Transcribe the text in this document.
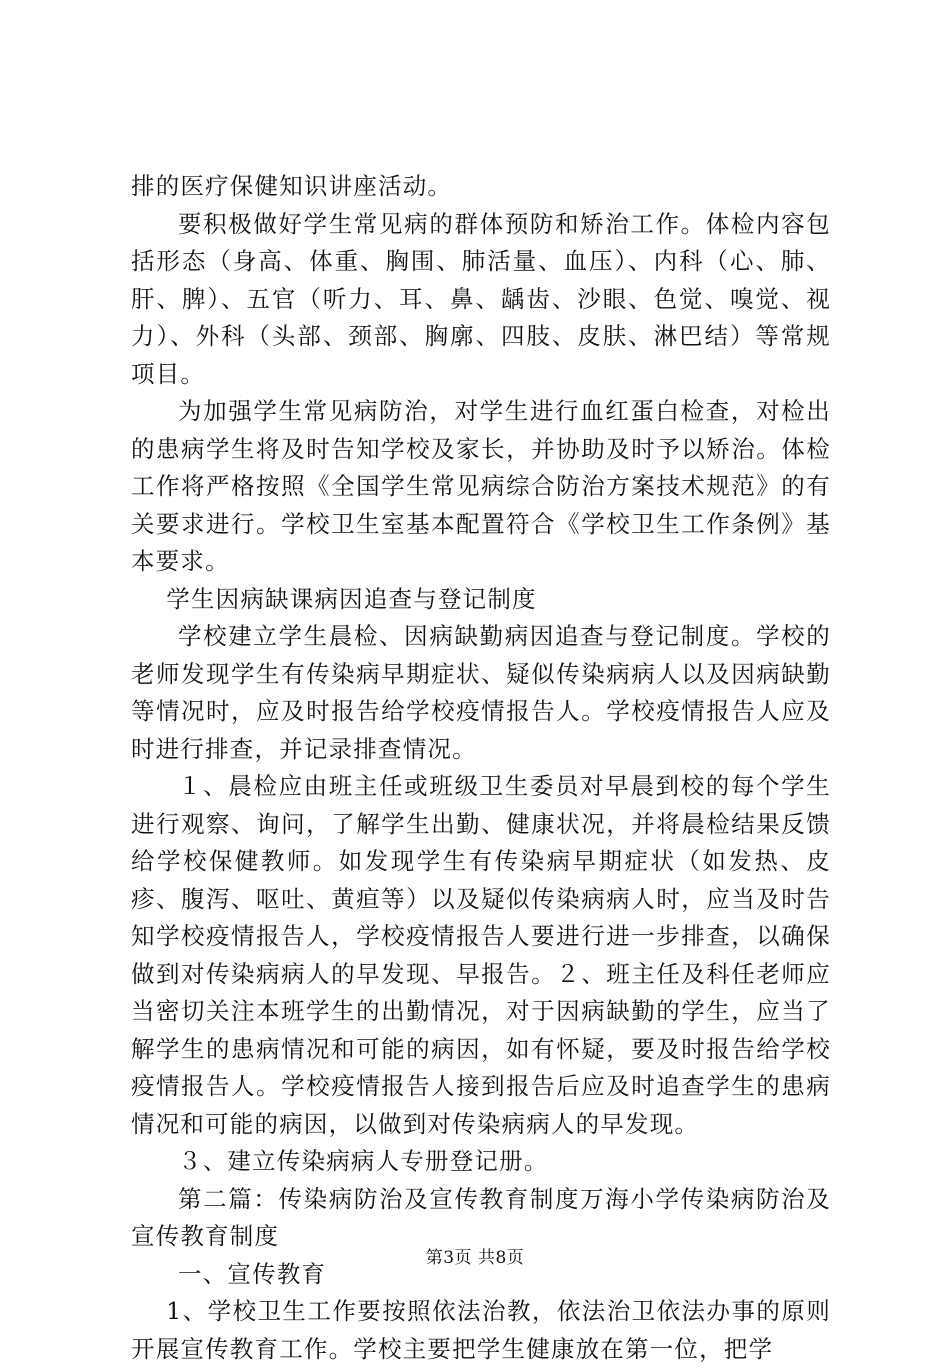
排的医疗保健知识讲座活动。

要积极做好学生常见病的群体预防和矫治工作。体检内容包括形态（身高、体重、胸围、肺活量、血压）、内科（心、肺、肝、脾）、五官（听力、耳、鼻、龋齿、沙眼、色觉、嗅觉、视力）、外科（头部、颈部、胸廓、四肢、皮肤、淋巴结）等常规项目。

为加强学生常见病防治，对学生进行血红蛋白检查，对检出的患病学生将及时告知学校及家长，并协助及时予以矫治。体检工作将严格按照《全国学生常见病综合防治方案技术规范》的有关要求进行。学校卫生室基本配置符合《学校卫生工作条例》基本要求。

学生因病缺课病因追查与登记制度

学校建立学生晨检、因病缺勤病因追查与登记制度。学校的老师发现学生有传染病早期症状、疑似传染病病人以及因病缺勤等情况时，应及时报告给学校疫情报告人。学校疫情报告人应及时进行排查，并记录排查情况。

１、晨检应由班主任或班级卫生委员对早晨到校的每个学生进行观察、询问，了解学生出勤、健康状况，并将晨检结果反馈给学校保健教师。如发现学生有传染病早期症状（如发热、皮疹、腹泻、呕吐、黄疸等）以及疑似传染病病人时，应当及时告知学校疫情报告人，学校疫情报告人要进行进一步排查，以确保做到对传染病病人的早发现、早报告。２、班主任及科任老师应当密切关注本班学生的出勤情况，对于因病缺勤的学生，应当了解学生的患病情况和可能的病因，如有怀疑，要及时报告给学校疫情报告人。学校疫情报告人接到报告后应及时追查学生的患病情况和可能的病因，以做到对传染病病人的早发现。

３、建立传染病病人专册登记册。

第二篇：传染病防治及宣传教育制度万海小学传染病防治及宣传教育制度

一、宣传教育

1、学校卫生工作要按照依法治教，依法治卫依法办事的原则开展宣传教育工作。学校主要把学生健康放在第一位，把学

第3页 共8页
